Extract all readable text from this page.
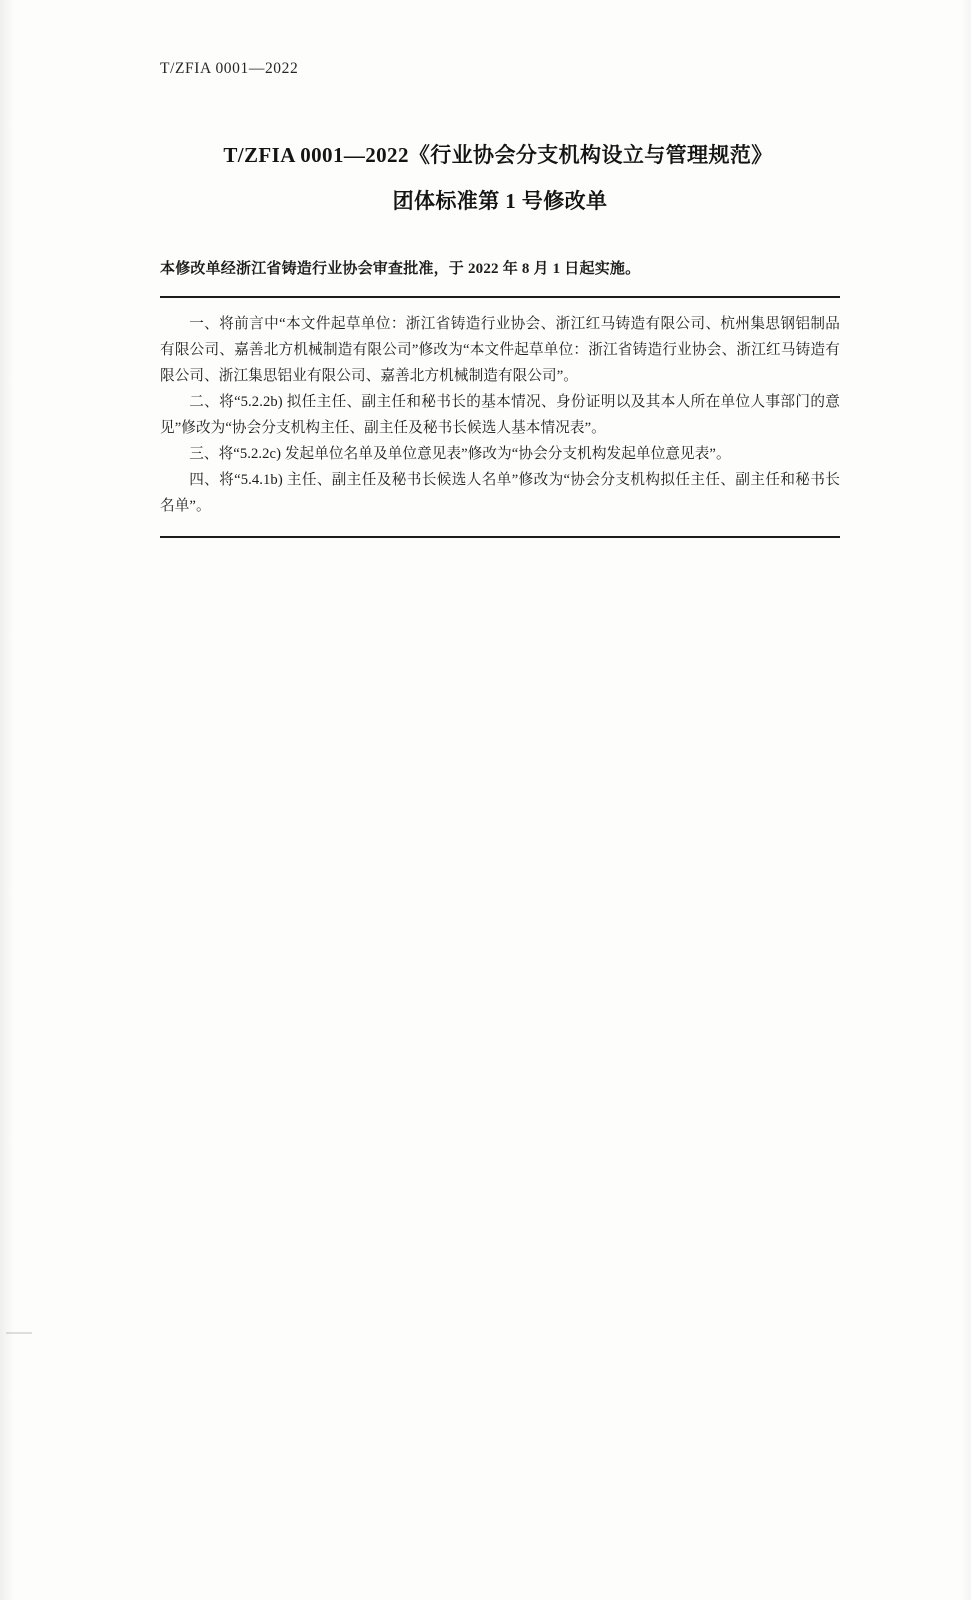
T/ZFIA 0001—2022
T/ZFIA 0001—2022《行业协会分支机构设立与管理规范》
团体标准第 1 号修改单
本修改单经浙江省铸造行业协会审查批准，于 2022 年 8 月 1 日起实施。

一、将前言中“本文件起草单位：浙江省铸造行业协会、浙江红马铸造有限公司、杭州集思钢铝制品有限公司、嘉善北方机械制造有限公司”修改为“本文件起草单位：浙江省铸造行业协会、浙江红马铸造有限公司、浙江集思铝业有限公司、嘉善北方机械制造有限公司”。

二、将“5.2.2b) 拟任主任、副主任和秘书长的基本情况、身份证明以及其本人所在单位人事部门的意见”修改为“协会分支机构主任、副主任及秘书长候选人基本情况表”。

三、将“5.2.2c) 发起单位名单及单位意见表”修改为“协会分支机构发起单位意见表”。

四、将“5.4.1b) 主任、副主任及秘书长候选人名单”修改为“协会分支机构拟任主任、副主任和秘书长名单”。
